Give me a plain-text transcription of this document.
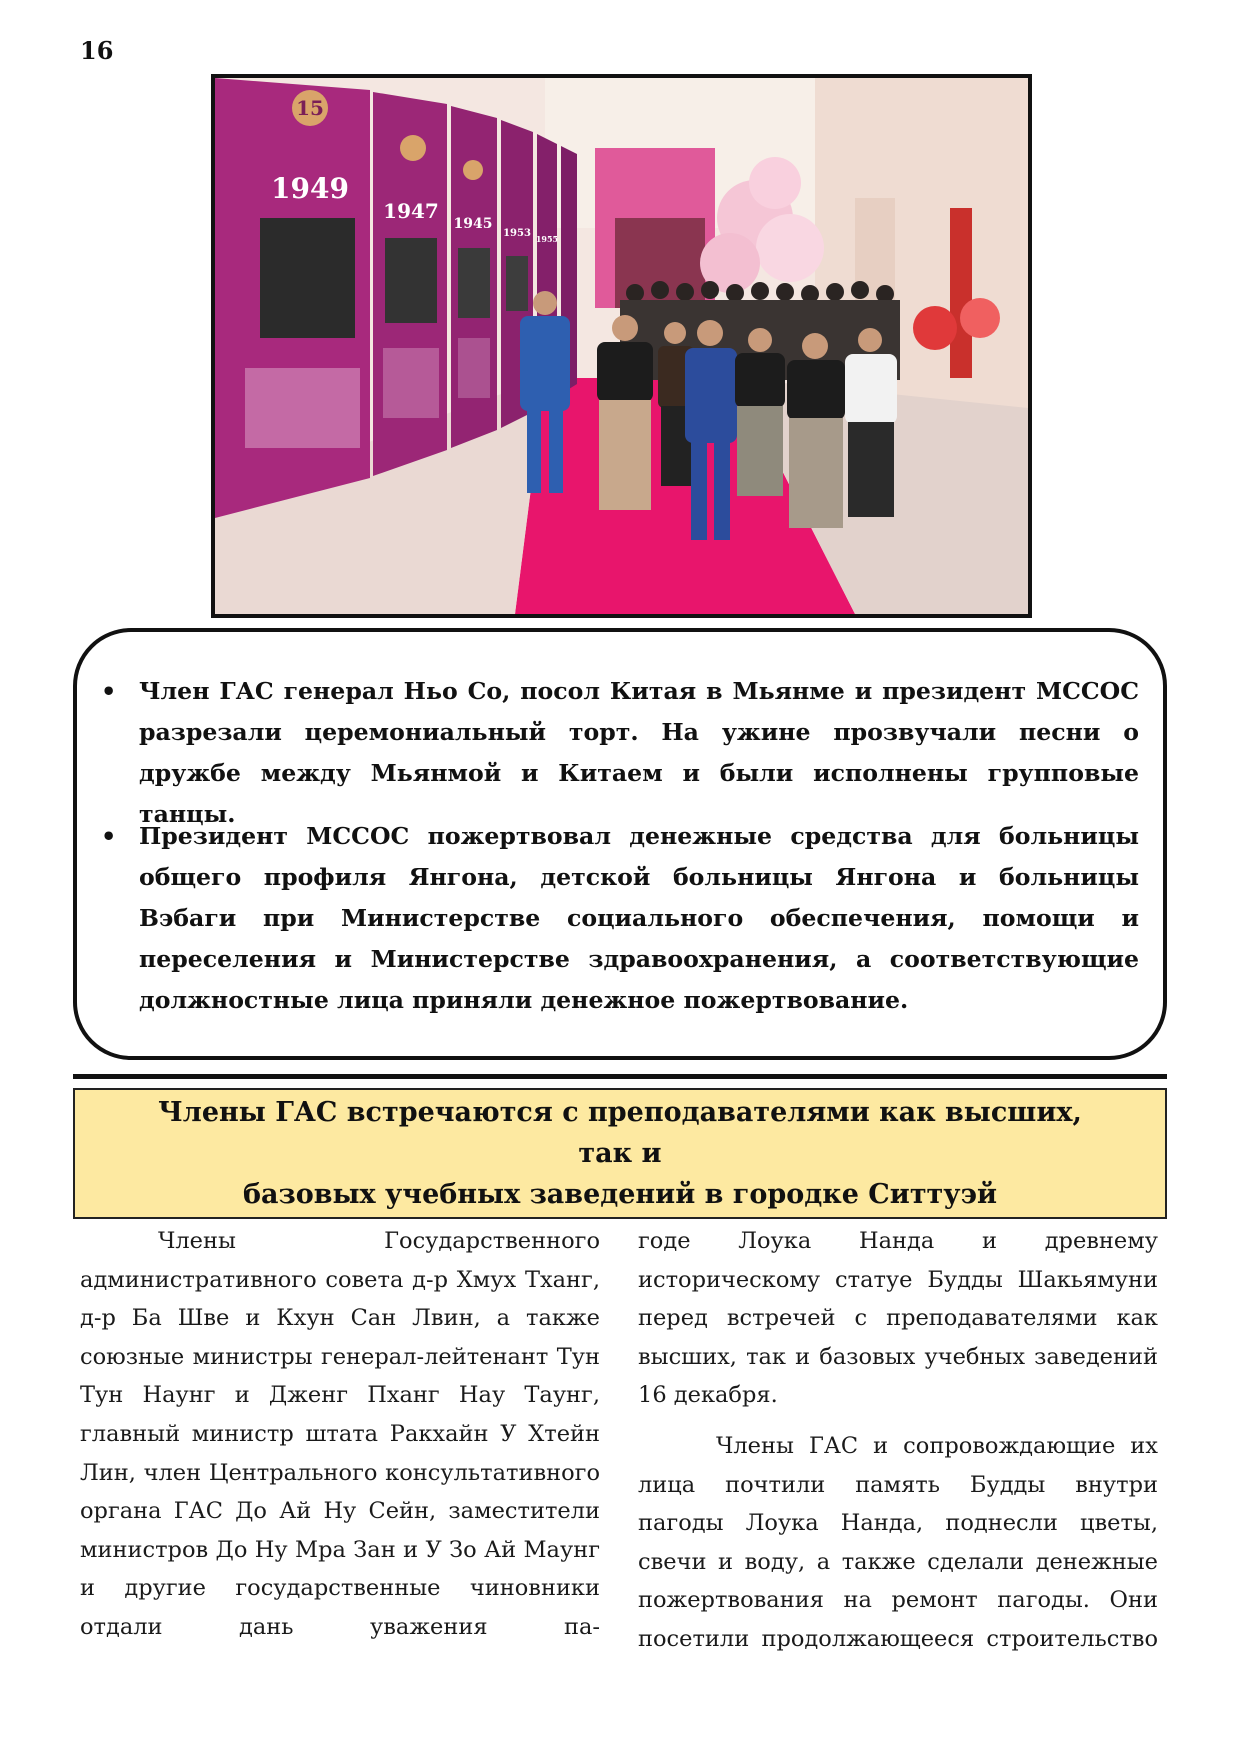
16
15
1949
1947
1945
1953 1955
• Член ГАС генерал Ньо Со, посол Китая в Мьянме и президент МССОС разрезали церемониальный торт. На ужине прозвучали песни о дружбе между Мьянмой и Китаем и были исполнены групповые танцы.
• Президент МССОС пожертвовал денежные средства для больницы общего профиля Янгона, детской больницы Янгона и больницы Вэбаги при Министерстве социального обеспечения, помощи и переселения и Министерстве здравоохранения, а соответствующие должностные лица приняли денежное пожертвование.
Члены ГАС встречаются с преподавателями как высших, так и
базовых учебных заведений в городке Ситтуэй

Члены Государственного административного совета д-р Хмух Тханг, д-р Ба Шве и Кхун Сан Лвин, а также союзные министры генерал-лейтенант Тун Тун Наунг и Дженг Пханг Нау Таунг, главный министр штата Ракхайн У Хтейн Лин, член Центрального консультативного органа ГАС До Ай Ну Сейн, заместители министров До Ну Мра Зан и У Зо Ай Маунг и другие государственные чиновники отдали дань уважения па-

годе Лоука Нанда и древнему историческому статуе Будды Шакьямуни перед встречей с преподавателями как высших, так и базовых учебных заведений 16 декабря.

Члены ГАС и сопровождающие их лица почтили память Будды внутри пагоды Лоука Нанда, поднесли цветы, свечи и воду, а также сделали денежные пожертвования на ремонт пагоды. Они посетили продолжающееся строительство
